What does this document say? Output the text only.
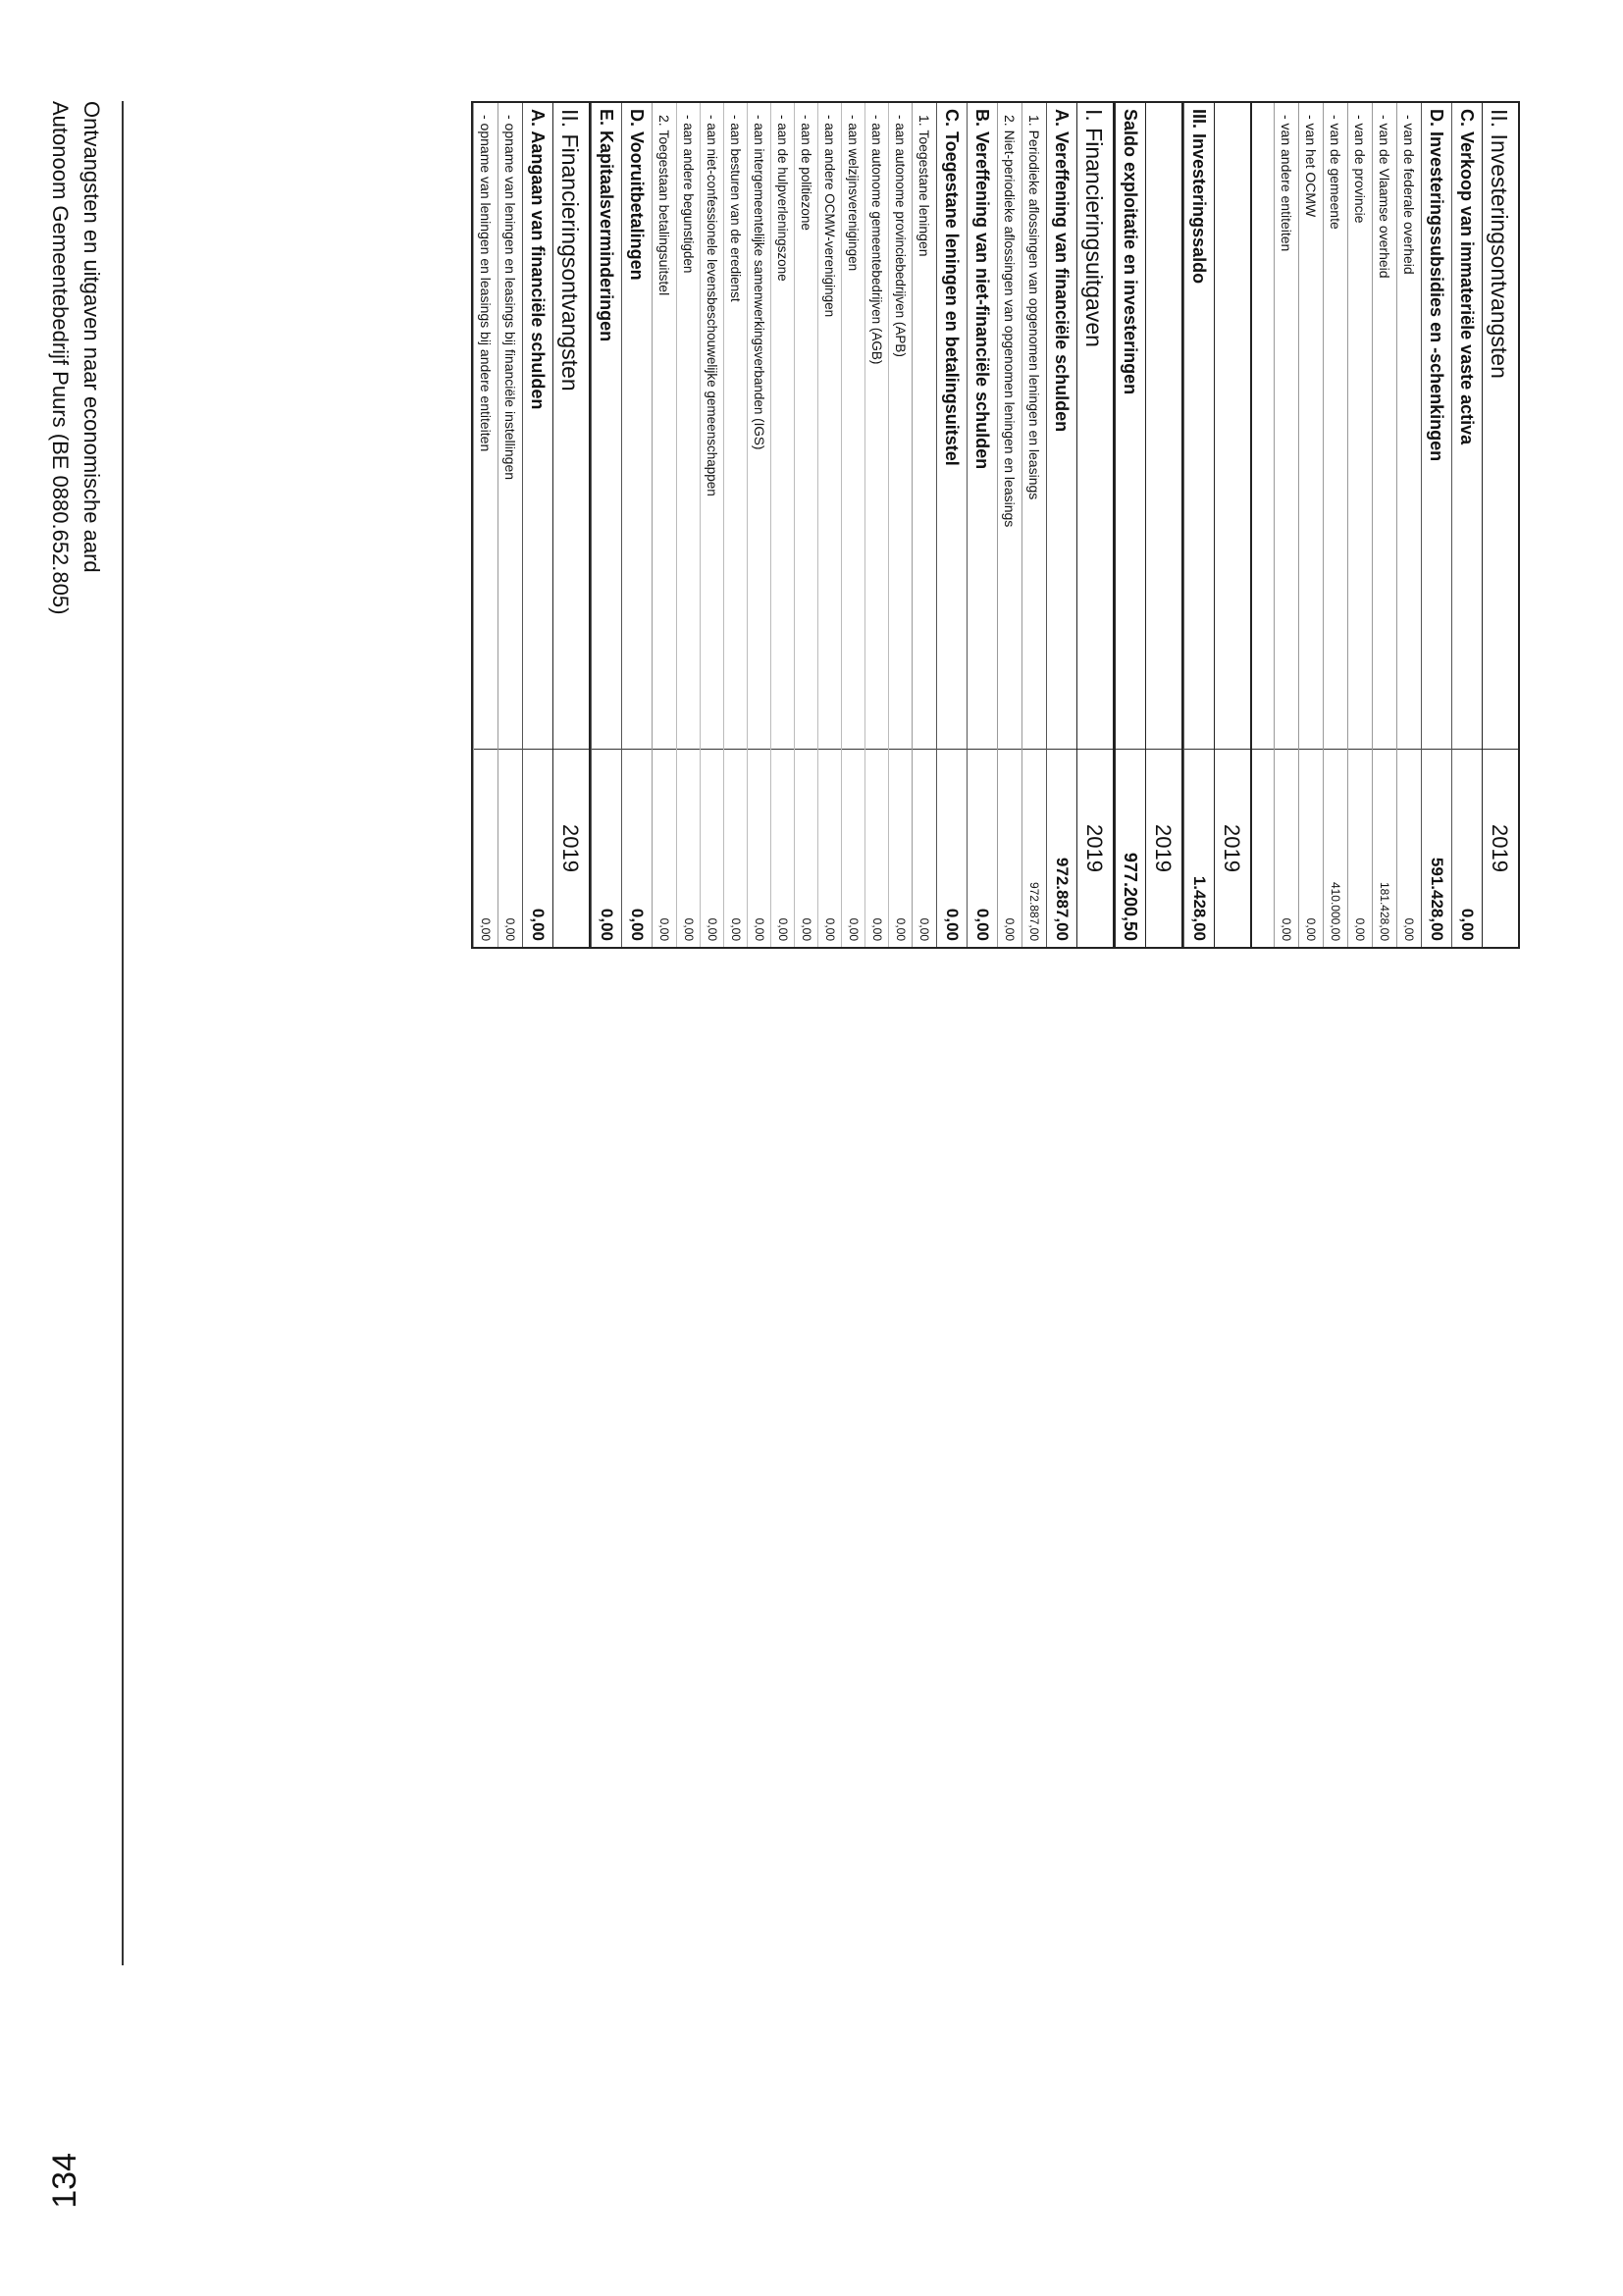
II. Investeringsontvangsten
2019
C. Verkoop van immateriële vaste activa
0,00
D. Investeringssubsidies en -schenkingen
591.428,00
- van de federale overheid
0,00
- van de Vlaamse overheid
181.428,00
- van de provincie
0,00
- van de gemeente
410.000,00
- van het OCMW
0,00
- van andere entiteiten
0,00
2019
III. Investeringssaldo
1.428,00
2019
Saldo exploitatie en investeringen
977.200,50
I. Financieringsuitgaven
2019
A. Vereffening van financiële schulden
972.887,00
1. Periodieke aflossingen van opgenomen leningen en leasings
972.887,00
2. Niet-periodieke aflossingen van opgenomen leningen en leasings
0,00
B. Vereffening van niet-financiële schulden
0,00
C. Toegestane leningen en betalingsuitstel
0,00
1. Toegestane leningen
0,00
- aan autonome provinciebedrijven (APB)
0,00
- aan autonome gemeentebedrijven (AGB)
0,00
- aan welzijnsverenigingen
0,00
- aan andere OCMW-verenigingen
0,00
- aan de politiezone
0,00
- aan de hulpverleningszone
0,00
- aan intergemeentelijke samenwerkingsverbanden (IGS)
0,00
- aan besturen van de eredienst
0,00
- aan niet-confessionele levensbeschouwelijke gemeenschappen
0,00
- aan andere begunstigden
0,00
2. Toegestaan betalingsuitstel
0,00
D. Vooruitbetalingen
0,00
E. Kapitaalsverminderingen
0,00
II. Financieringsontvangsten
2019
A. Aangaan van financiële schulden
0,00
- opname van leningen en leasings bij financiële instellingen
0,00
- opname van leningen en leasings bij andere entiteiten
0,00
Ontvangsten en uitgaven naar economische aard
Autonoom Gemeentebedrijf Puurs (BE 0880.652.805)
134
